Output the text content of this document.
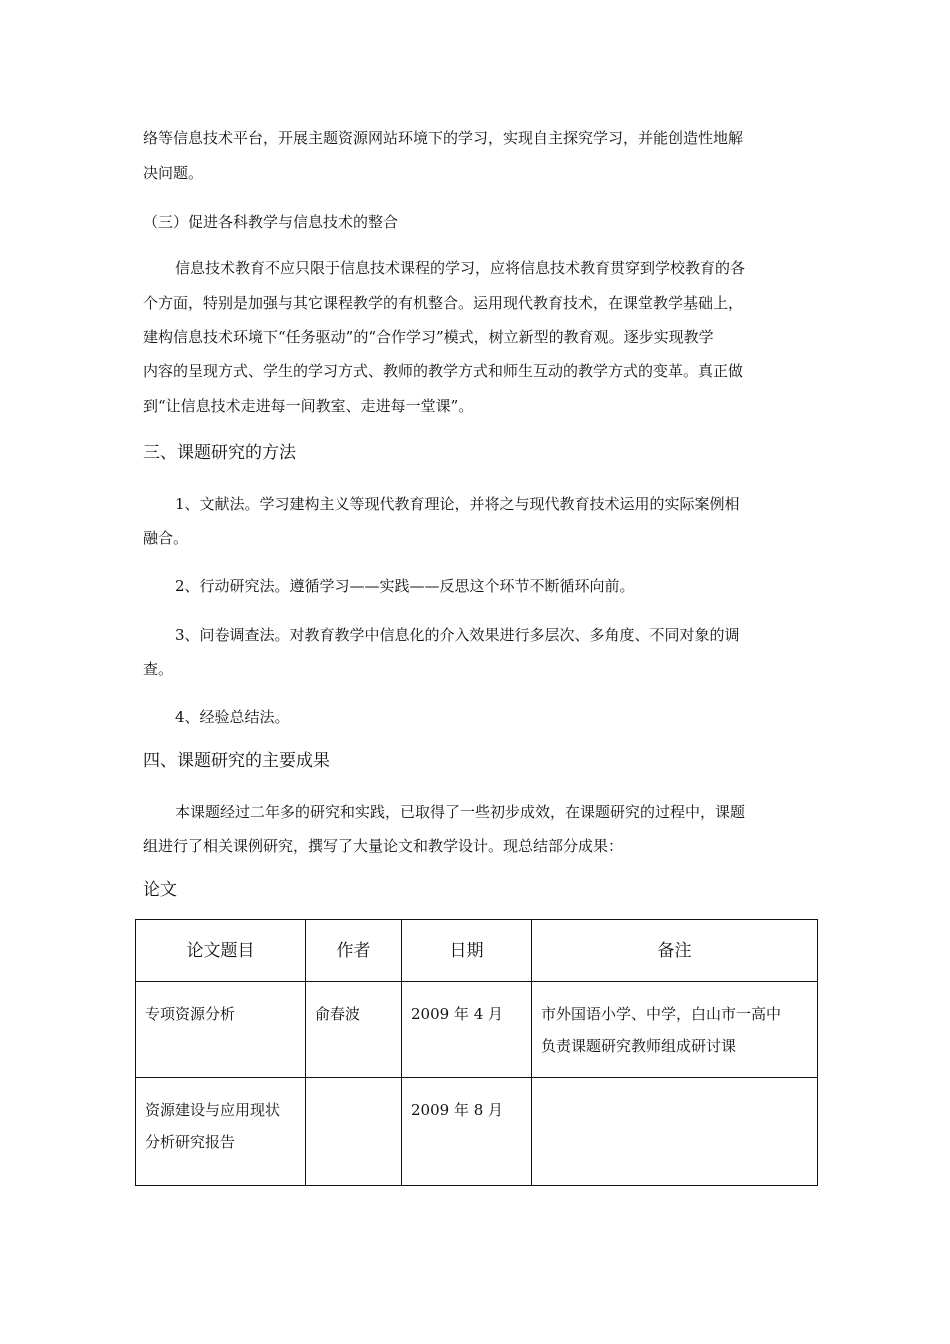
络等信息技术平台，开展主题资源网站环境下的学习，实现自主探究学习，并能创造性地解
决问题。
（三）促进各科教学与信息技术的整合
信息技术教育不应只限于信息技术课程的学习，应将信息技术教育贯穿到学校教育的各
个方面，特别是加强与其它课程教学的有机整合。运用现代教育技术，在课堂教学基础上，
建构信息技术环境下“任务驱动”的“合作学习”模式，树立新型的教育观。逐步实现教学
内容的呈现方式、学生的学习方式、教师的教学方式和师生互动的教学方式的变革。真正做
到“让信息技术走进每一间教室、走进每一堂课”。
三、课题研究的方法
1、文献法。学习建构主义等现代教育理论，并将之与现代教育技术运用的实际案例相
融合。
2、行动研究法。遵循学习——实践——反思这个环节不断循环向前。
3、问卷调查法。对教育教学中信息化的介入效果进行多层次、多角度、不同对象的调
查。
4、经验总结法。
四、课题研究的主要成果
本课题经过二年多的研究和实践，已取得了一些初步成效，在课题研究的过程中，课题
组进行了相关课例研究，撰写了大量论文和教学设计。现总结部分成果：
论文
论文题目	作者	日期	备注

专项资源分析	俞春波	2009 年 4 月	市外国语小学、中学，白山市一高中
负责课题研究教师组成研讨课

资源建设与应用现状
分析研究报告		2009 年 8 月	
